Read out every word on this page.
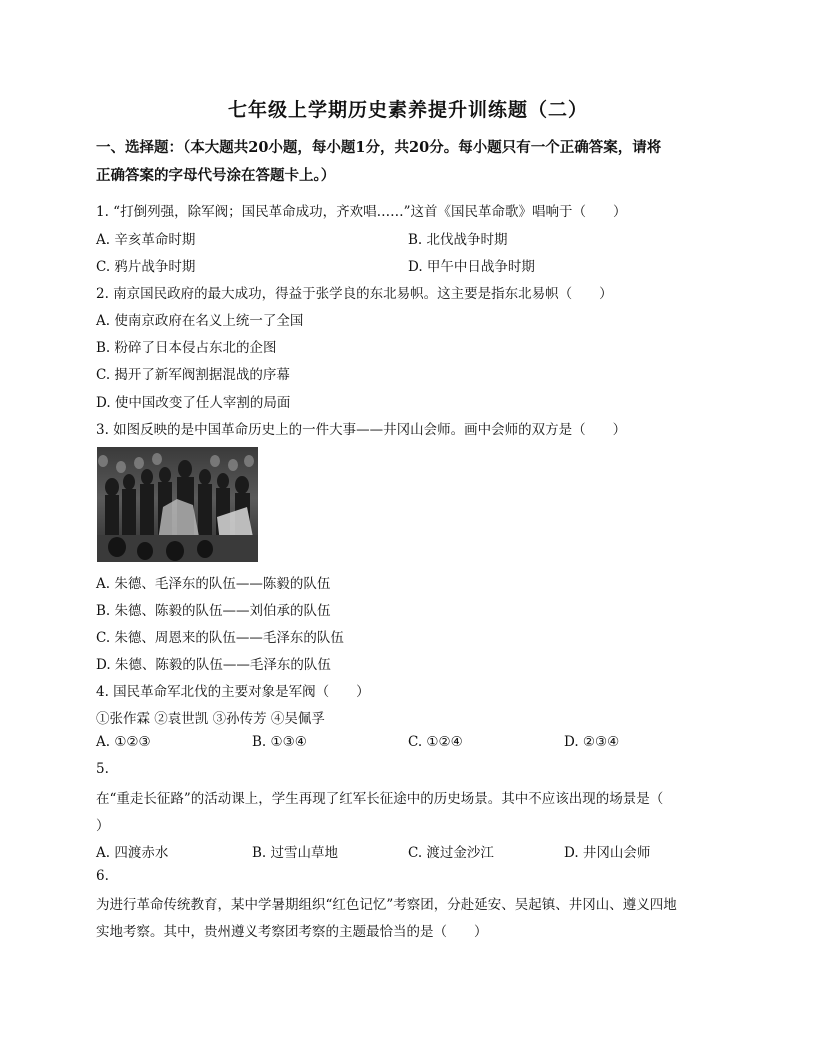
七年级上学期历史素养提升训练题（二）
一、选择题：（本大题共20小题，每小题1分，共20分。每小题只有一个正确答案，请将
正确答案的字母代号涂在答题卡上。）
1. “打倒列强，除军阀；国民革命成功，齐欢唱……”这首《国民革命歌》唱响于（　　）
A. 辛亥革命时期	B. 北伐战争时期
C. 鸦片战争时期	D. 甲午中日战争时期
2. 南京国民政府的最大成功，得益于张学良的东北易帜。这主要是指东北易帜（　　）
A. 使南京政府在名义上统一了全国
B. 粉碎了日本侵占东北的企图
C. 揭开了新军阀割据混战的序幕
D. 使中国改变了任人宰割的局面
3. 如图反映的是中国革命历史上的一件大事——井冈山会师。画中会师的双方是（　　）
A. 朱德、毛泽东的队伍——陈毅的队伍
B. 朱德、陈毅的队伍——刘伯承的队伍
C. 朱德、周恩来的队伍——毛泽东的队伍
D. 朱德、陈毅的队伍——毛泽东的队伍
4. 国民革命军北伐的主要对象是军阀（　　）
①张作霖 ②袁世凯 ③孙传芳 ④吴佩孚
A. ①②③	B. ①③④	C. ①②④	D. ②③④
5.
在“重走长征路”的活动课上，学生再现了红军长征途中的历史场景。其中不应该出现的场景是（
）
A. 四渡赤水	B. 过雪山草地	C. 渡过金沙江	D. 井冈山会师
6.
为进行革命传统教育，某中学暑期组织“红色记忆”考察团，分赴延安、吴起镇、井冈山、遵义四地
实地考察。其中，贵州遵义考察团考察的主题最恰当的是（　　）
